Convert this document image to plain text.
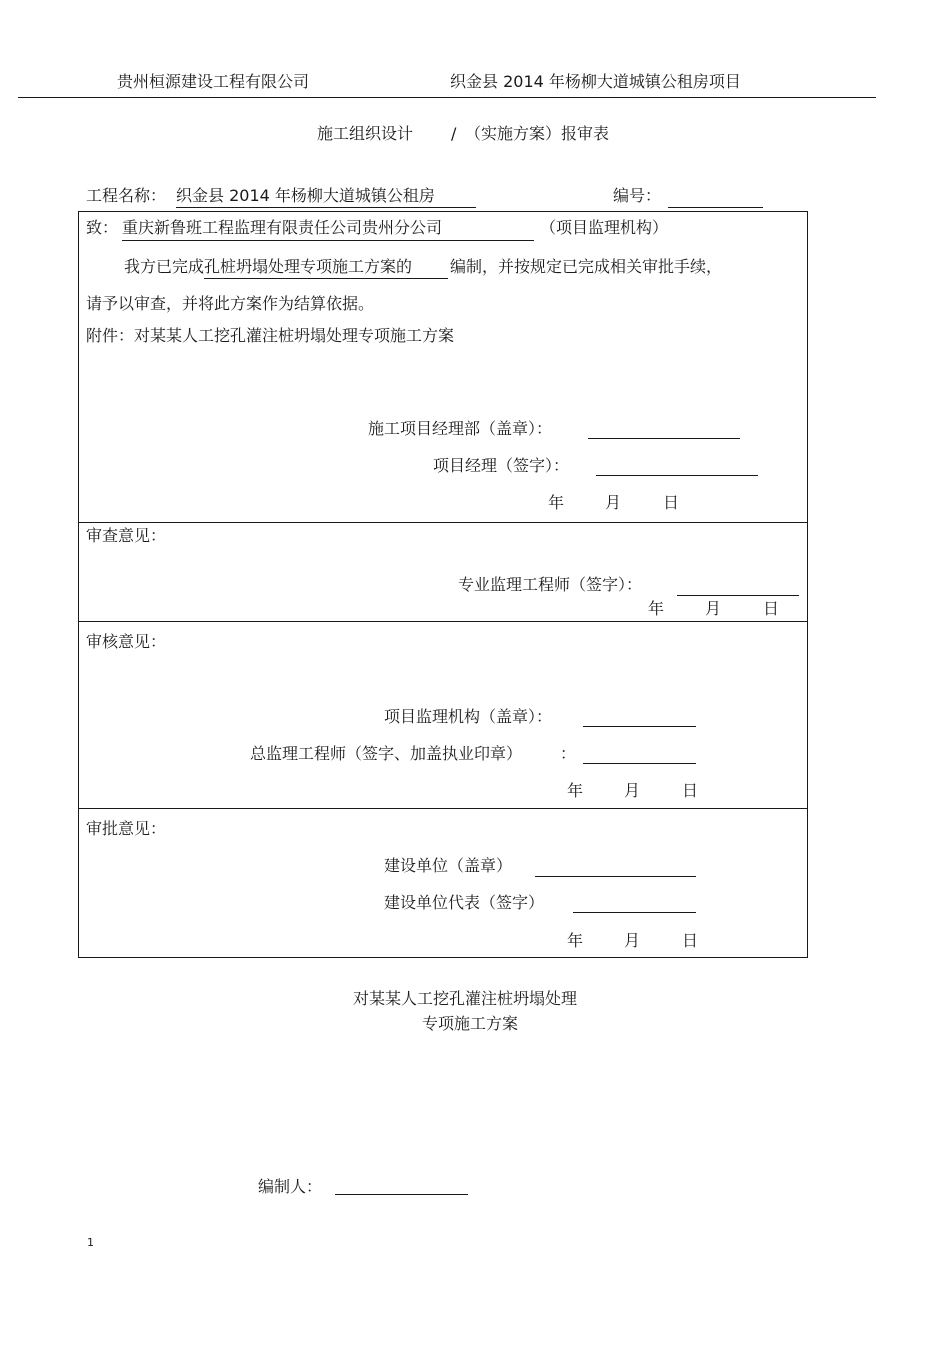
贵州桓源建设工程有限公司	织金县 2014 年杨柳大道城镇公租房项目
施工组织设计 / （实施方案）报审表
工程名称： 织金县 2014 年杨柳大道城镇公租房	编号：
致： 重庆新鲁班工程监理有限责任公司贵州分公司	（项目监理机构）
我方已完成 孔桩坍塌处理专项施工方案的 编制，并按规定已完成相关审批手续，
请予以审查，并将此方案作为结算依据。
附件：对某某人工挖孔灌注桩坍塌处理专项施工方案
施工项目经理部（盖章）：
项目经理（签字）：
年	月	日
审查意见：
专业监理工程师（签字）：
年	月	日
审核意见：
项目监理机构（盖章）：
总监理工程师（签字、加盖执业印章） ：
年	月	日
审批意见：
建设单位（盖章）
建设单位代表（签字）
年	月	日
对某某人工挖孔灌注桩坍塌处理
专项施工方案
编制人：
1
